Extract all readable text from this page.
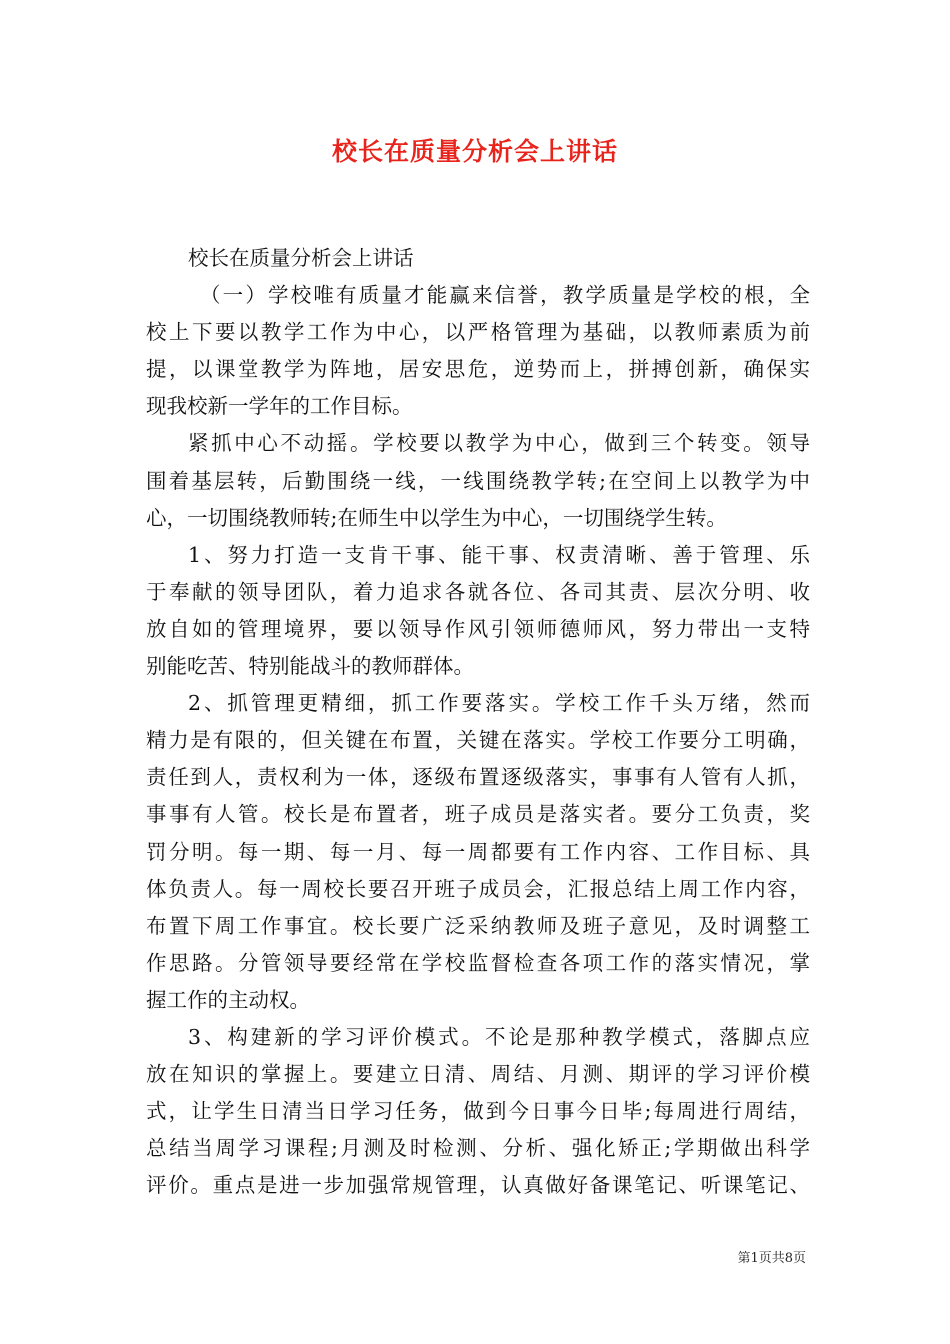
校长在质量分析会上讲话
校长在质量分析会上讲话
（一）学校唯有质量才能赢来信誉，教学质量是学校的根，全
校上下要以教学工作为中心，以严格管理为基础，以教师素质为前
提，以课堂教学为阵地，居安思危，逆势而上，拼搏创新，确保实
现我校新一学年的工作目标。
紧抓中心不动摇。学校要以教学为中心，做到三个转变。领导
围着基层转，后勤围绕一线，一线围绕教学转;在空间上以教学为中
心，一切围绕教师转;在师生中以学生为中心，一切围绕学生转。
1、努力打造一支肯干事、能干事、权责清晰、善于管理、乐
于奉献的领导团队，着力追求各就各位、各司其责、层次分明、收
放自如的管理境界，要以领导作风引领师德师风，努力带出一支特
别能吃苦、特别能战斗的教师群体。
2、抓管理更精细，抓工作要落实。学校工作千头万绪，然而
精力是有限的，但关键在布置，关键在落实。学校工作要分工明确，
责任到人，责权利为一体，逐级布置逐级落实，事事有人管有人抓，
事事有人管。校长是布置者，班子成员是落实者。要分工负责，奖
罚分明。每一期、每一月、每一周都要有工作内容、工作目标、具
体负责人。每一周校长要召开班子成员会，汇报总结上周工作内容，
布置下周工作事宜。校长要广泛采纳教师及班子意见，及时调整工
作思路。分管领导要经常在学校监督检查各项工作的落实情况，掌
握工作的主动权。
3、构建新的学习评价模式。不论是那种教学模式，落脚点应
放在知识的掌握上。要建立日清、周结、月测、期评的学习评价模
式，让学生日清当日学习任务，做到今日事今日毕;每周进行周结，
总结当周学习课程;月测及时检测、分析、强化矫正;学期做出科学
评价。重点是进一步加强常规管理，认真做好备课笔记、听课笔记、
第1页共8页
